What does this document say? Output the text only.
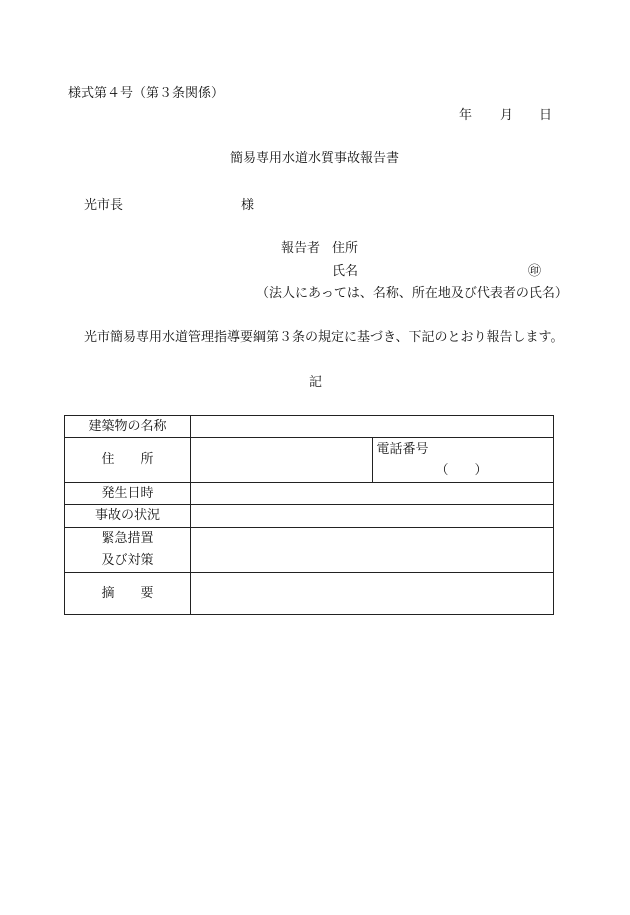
様式第４号（第３条関係）
年 月 日
簡易専用水道水質事故報告書
光市長	様
報告者 住所
氏名	㊞
（法人にあっては、名称、所在地及び代表者の氏名）
光市簡易専用水道管理指導要綱第３条の規定に基づき、下記のとおり報告します。
記
建築物の名称		
住　　所		電話番号
（　　）

発生日時		
事故の状況		

緊急措置
及び対策		

摘　　要		
